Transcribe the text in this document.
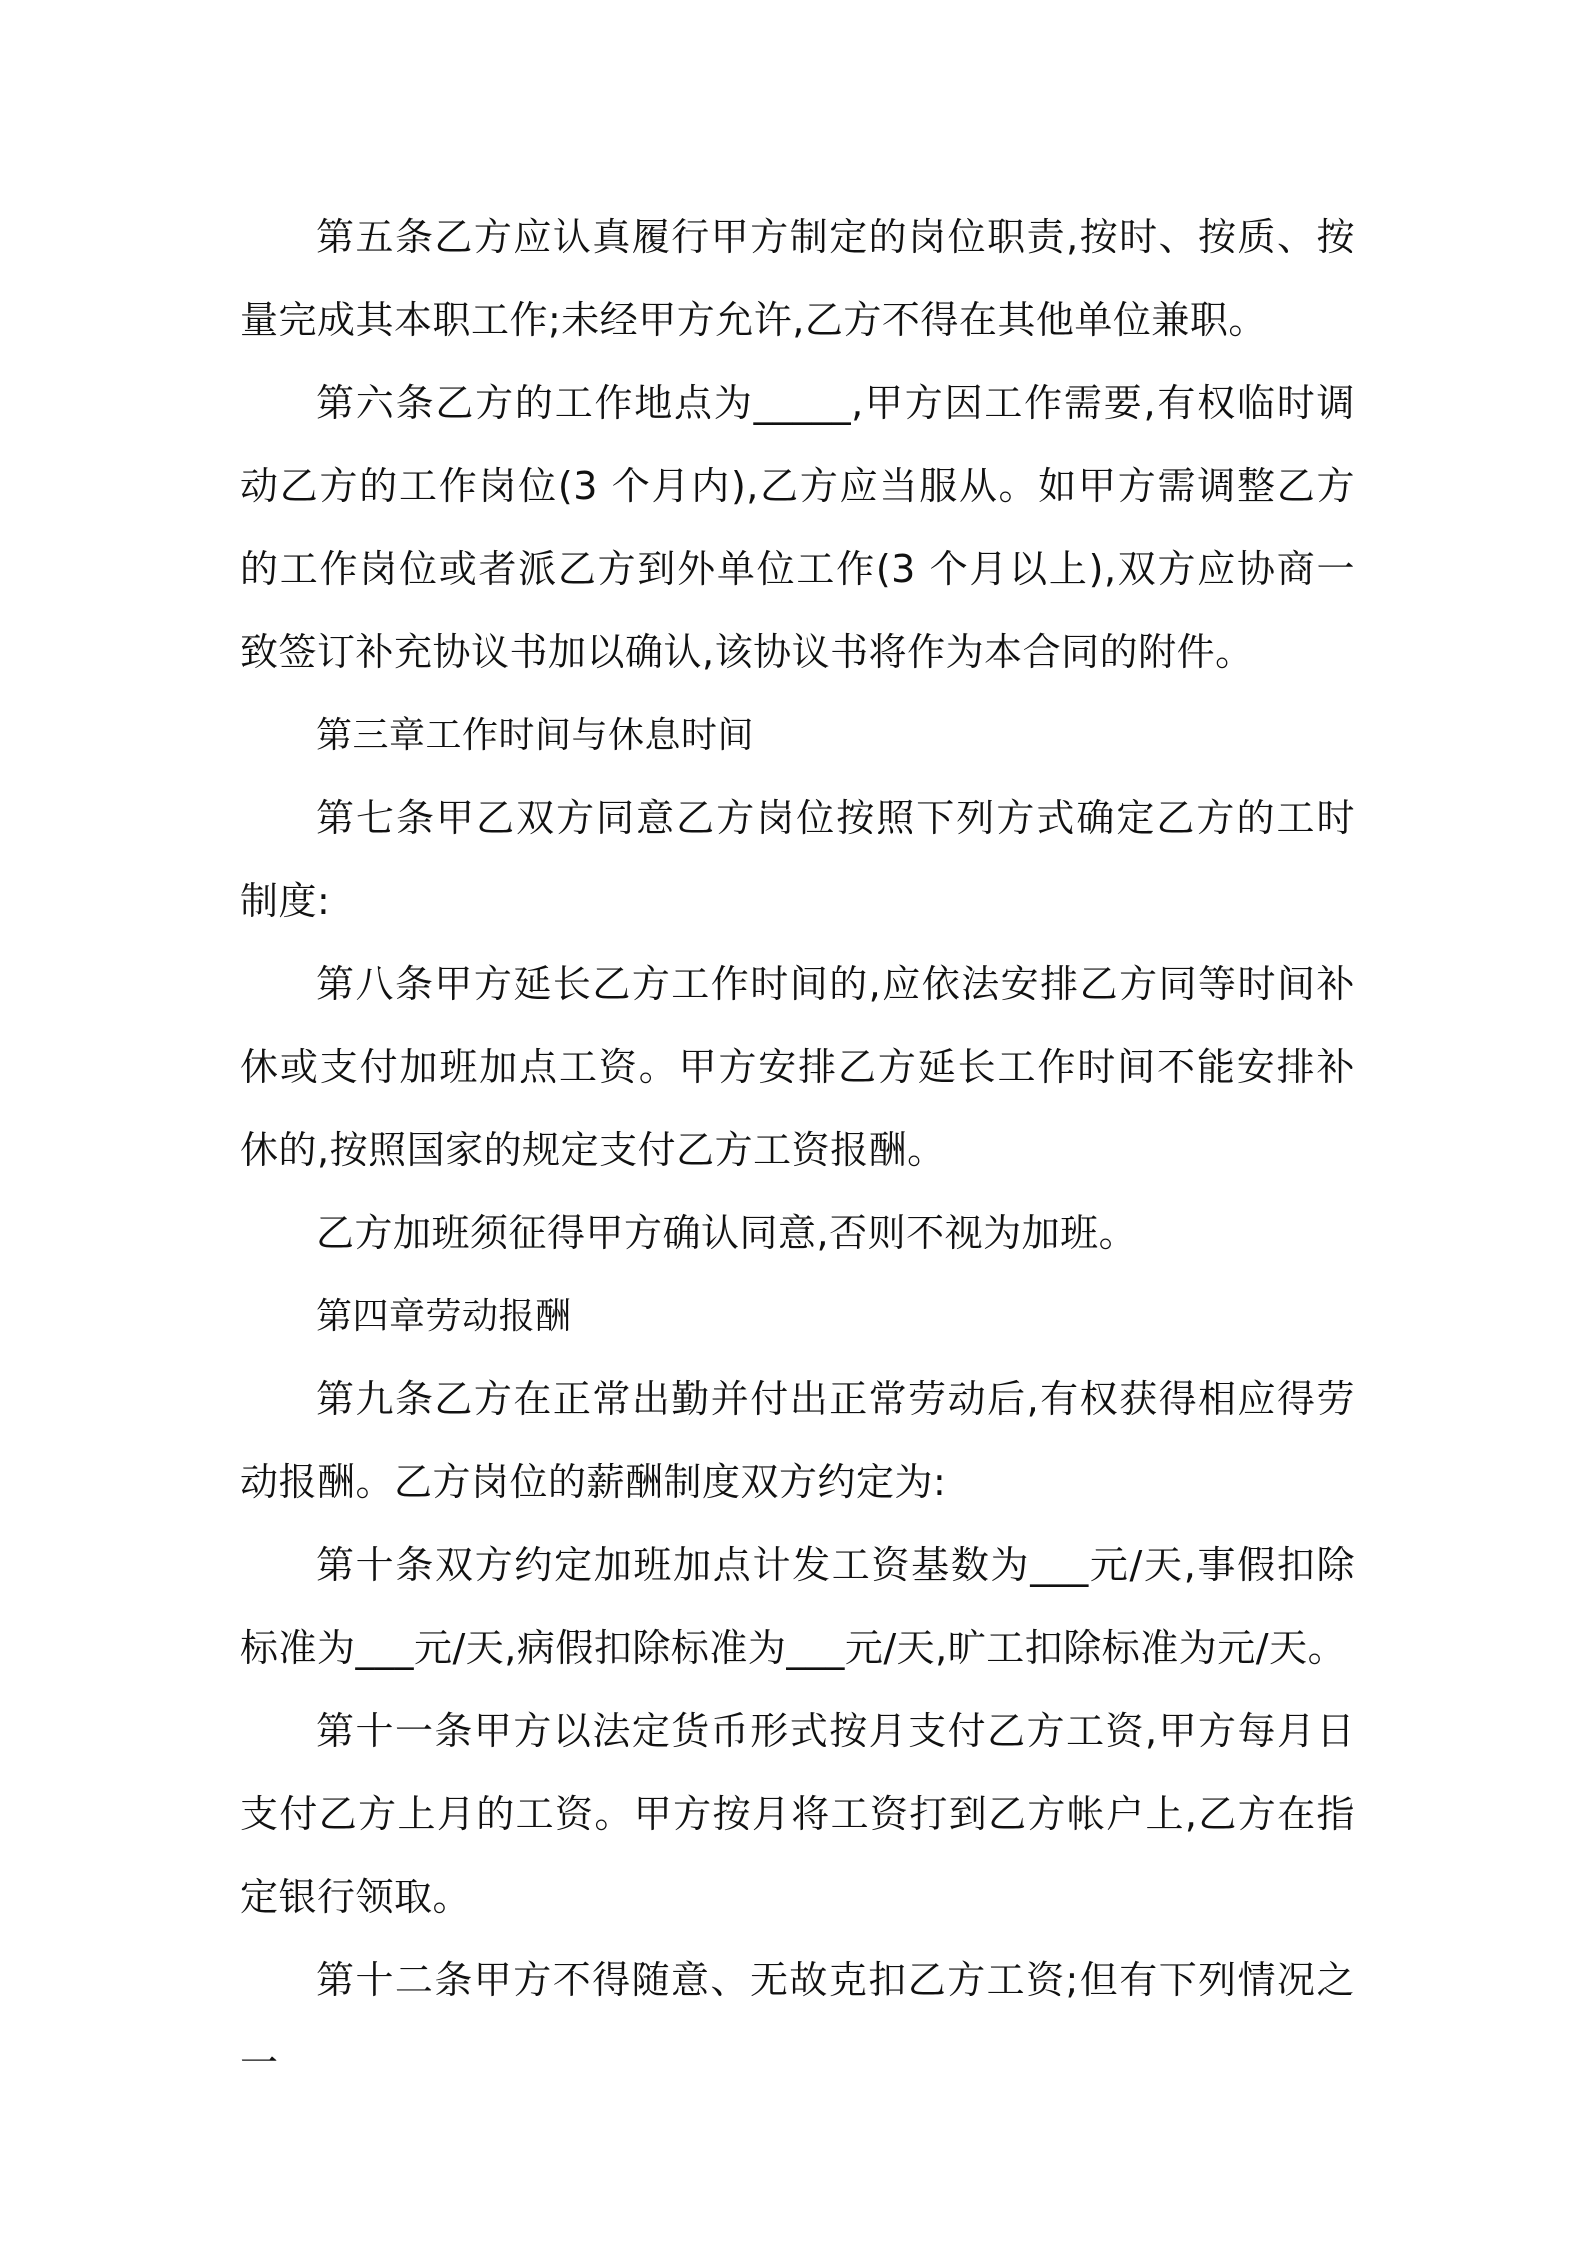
第五条乙方应认真履行甲方制定的岗位职责,按时、按质、按量完成其本职工作;未经甲方允许,乙方不得在其他单位兼职。

第六条乙方的工作地点为_____,甲方因工作需要,有权临时调动乙方的工作岗位(3 个月内),乙方应当服从。如甲方需调整乙方的工作岗位或者派乙方到外单位工作(3 个月以上),双方应协商一致签订补充协议书加以确认,该协议书将作为本合同的附件。

第三章工作时间与休息时间

第七条甲乙双方同意乙方岗位按照下列方式确定乙方的工时制度:

第八条甲方延长乙方工作时间的,应依法安排乙方同等时间补休或支付加班加点工资。甲方安排乙方延长工作时间不能安排补休的,按照国家的规定支付乙方工资报酬。

乙方加班须征得甲方确认同意,否则不视为加班。

第四章劳动报酬

第九条乙方在正常出勤并付出正常劳动后,有权获得相应得劳动报酬。乙方岗位的薪酬制度双方约定为:

第十条双方约定加班加点计发工资基数为___元/天,事假扣除标准为___元/天,病假扣除标准为___元/天,旷工扣除标准为元/天。

第十一条甲方以法定货币形式按月支付乙方工资,甲方每月日支付乙方上月的工资。甲方按月将工资打到乙方帐户上,乙方在指定银行领取。

第十二条甲方不得随意、无故克扣乙方工资;但有下列情况之一
